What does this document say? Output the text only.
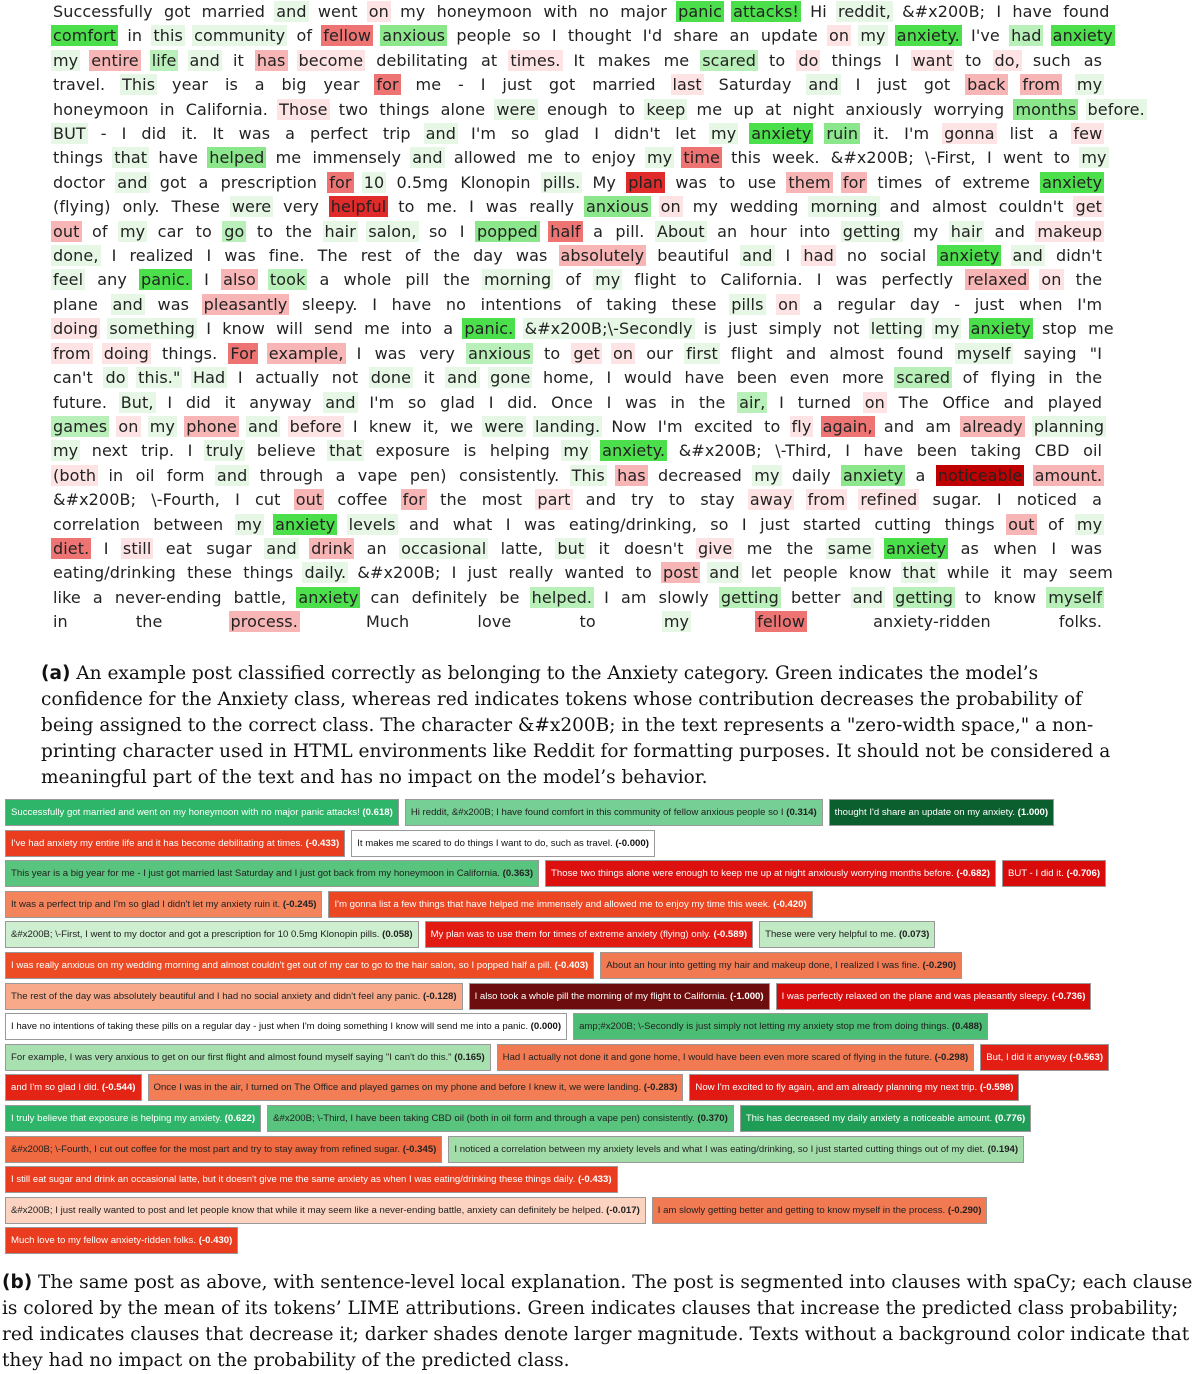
Successfully got married and went on my honeymoon with no major panic attacks! Hi reddit, &#x200B; I have found
comfort in this community of fellow anxious people so I thought I'd share an update on my anxiety. I've had anxiety
my entire life and it has become debilitating at times. It makes me scared to do things I want to do, such as
travel. This year is a big year for me - I just got married last Saturday and I just got back from my
honeymoon in California. Those two things alone were enough to keep me up at night anxiously worrying months before.
BUT - I did it. It was a perfect trip and I'm so glad I didn't let my anxiety ruin it. I'm gonna list a few
things that have helped me immensely and allowed me to enjoy my time this week. &#x200B; \-First, I went to my
doctor and got a prescription for 10 0.5mg Klonopin pills. My plan was to use them for times of extreme anxiety
(flying) only. These were very helpful to me. I was really anxious on my wedding morning and almost couldn't get
out of my car to go to the hair salon, so I popped half a pill. About an hour into getting my hair and makeup
done, I realized I was fine. The rest of the day was absolutely beautiful and I had no social anxiety and didn't
feel any panic. I also took a whole pill the morning of my flight to California. I was perfectly relaxed on the
plane and was pleasantly sleepy. I have no intentions of taking these pills on a regular day - just when I'm
doing something I know will send me into a panic. &#x200B;\-Secondly is just simply not letting my anxiety stop me
from doing things. For example, I was very anxious to get on our first flight and almost found myself saying "I
can't do this." Had I actually not done it and gone home, I would have been even more scared of flying in the
future. But, I did it anyway and I'm so glad I did. Once I was in the air, I turned on The Office and played
games on my phone and before I knew it, we were landing. Now I'm excited to fly again, and am already planning
my next trip. I truly believe that exposure is helping my anxiety. &#x200B; \-Third, I have been taking CBD oil
(both in oil form and through a vape pen) consistently. This has decreased my daily anxiety a noticeable amount.
&#x200B; \-Fourth, I cut out coffee for the most part and try to stay away from refined sugar. I noticed a
correlation between my anxiety levels and what I was eating/drinking, so I just started cutting things out of my
diet. I still eat sugar and drink an occasional latte, but it doesn't give me the same anxiety as when I was
eating/drinking these things daily. &#x200B; I just really wanted to post and let people know that while it may seem
like a never-ending battle, anxiety can definitely be helped. I am slowly getting better and getting to know myself
in	the	process.	Much	love	to	my	fellow	anxiety-ridden	folks.
(a) An example post classified correctly as belonging to the Anxiety category. Green indicates the model’s confidence for the Anxiety class, whereas red indicates tokens whose contribution decreases the probability of being assigned to the correct class. The character &#x200B; in the text represents a "zero-width space," a non-printing character used in HTML environments like Reddit for formatting purposes. It should not be considered a meaningful part of the text and has no impact on the model’s behavior.
Successfully got married and went on my honeymoon with no major panic attacks! (0.618)	Hi reddit, &#x200B; I have found comfort in this community of fellow anxious people so I (0.314)	thought I'd share an update on my anxiety. (1.000)
I've had anxiety my entire life and it has become debilitating at times. (-0.433)	It makes me scared to do things I want to do, such as travel. (-0.000)
This year is a big year for me - I just got married last Saturday and I just got back from my honeymoon in California. (0.363)	Those two things alone were enough to keep me up at night anxiously worrying months before. (-0.682)	BUT - I did it. (-0.706)
It was a perfect trip and I'm so glad I didn't let my anxiety ruin it. (-0.245)	I'm gonna list a few things that have helped me immensely and allowed me to enjoy my time this week. (-0.420)
&#x200B; \-First, I went to my doctor and got a prescription for 10 0.5mg Klonopin pills. (0.058)	My plan was to use them for times of extreme anxiety (flying) only. (-0.589)	These were very helpful to me. (0.073)
I was really anxious on my wedding morning and almost couldn't get out of my car to go to the hair salon, so I popped half a pill. (-0.403)	About an hour into getting my hair and makeup done, I realized I was fine. (-0.290)
The rest of the day was absolutely beautiful and I had no social anxiety and didn't feel any panic. (-0.128)	I also took a whole pill the morning of my flight to California. (-1.000)	I was perfectly relaxed on the plane and was pleasantly sleepy. (-0.736)
I have no intentions of taking these pills on a regular day - just when I'm doing something I know will send me into a panic. (0.000)	amp;#x200B; \-Secondly is just simply not letting my anxiety stop me from doing things. (0.488)
For example, I was very anxious to get on our first flight and almost found myself saying "I can't do this." (0.165)	Had I actually not done it and gone home, I would have been even more scared of flying in the future. (-0.298)	But, I did it anyway (-0.563)
and I'm so glad I did. (-0.544)	Once I was in the air, I turned on The Office and played games on my phone and before I knew it, we were landing. (-0.283)	Now I'm excited to fly again, and am already planning my next trip. (-0.598)
I truly believe that exposure is helping my anxiety. (0.622)	&#x200B; \-Third, I have been taking CBD oil (both in oil form and through a vape pen) consistently. (0.370)	This has decreased my daily anxiety a noticeable amount. (0.776)
&#x200B; \-Fourth, I cut out coffee for the most part and try to stay away from refined sugar. (-0.345)	I noticed a correlation between my anxiety levels and what I was eating/drinking, so I just started cutting things out of my diet. (0.194)
I still eat sugar and drink an occasional latte, but it doesn't give me the same anxiety as when I was eating/drinking these things daily. (-0.433)
&#x200B; I just really wanted to post and let people know that while it may seem like a never-ending battle, anxiety can definitely be helped. (-0.017)	I am slowly getting better and getting to know myself in the process. (-0.290)
Much love to my fellow anxiety-ridden folks. (-0.430)
(b) The same post as above, with sentence-level local explanation. The post is segmented into clauses with spaCy; each clause is colored by the mean of its tokens’ LIME attributions. Green indicates clauses that increase the predicted class probability; red indicates clauses that decrease it; darker shades denote larger magnitude. Texts without a background color indicate that they had no impact on the probability of the predicted class.
